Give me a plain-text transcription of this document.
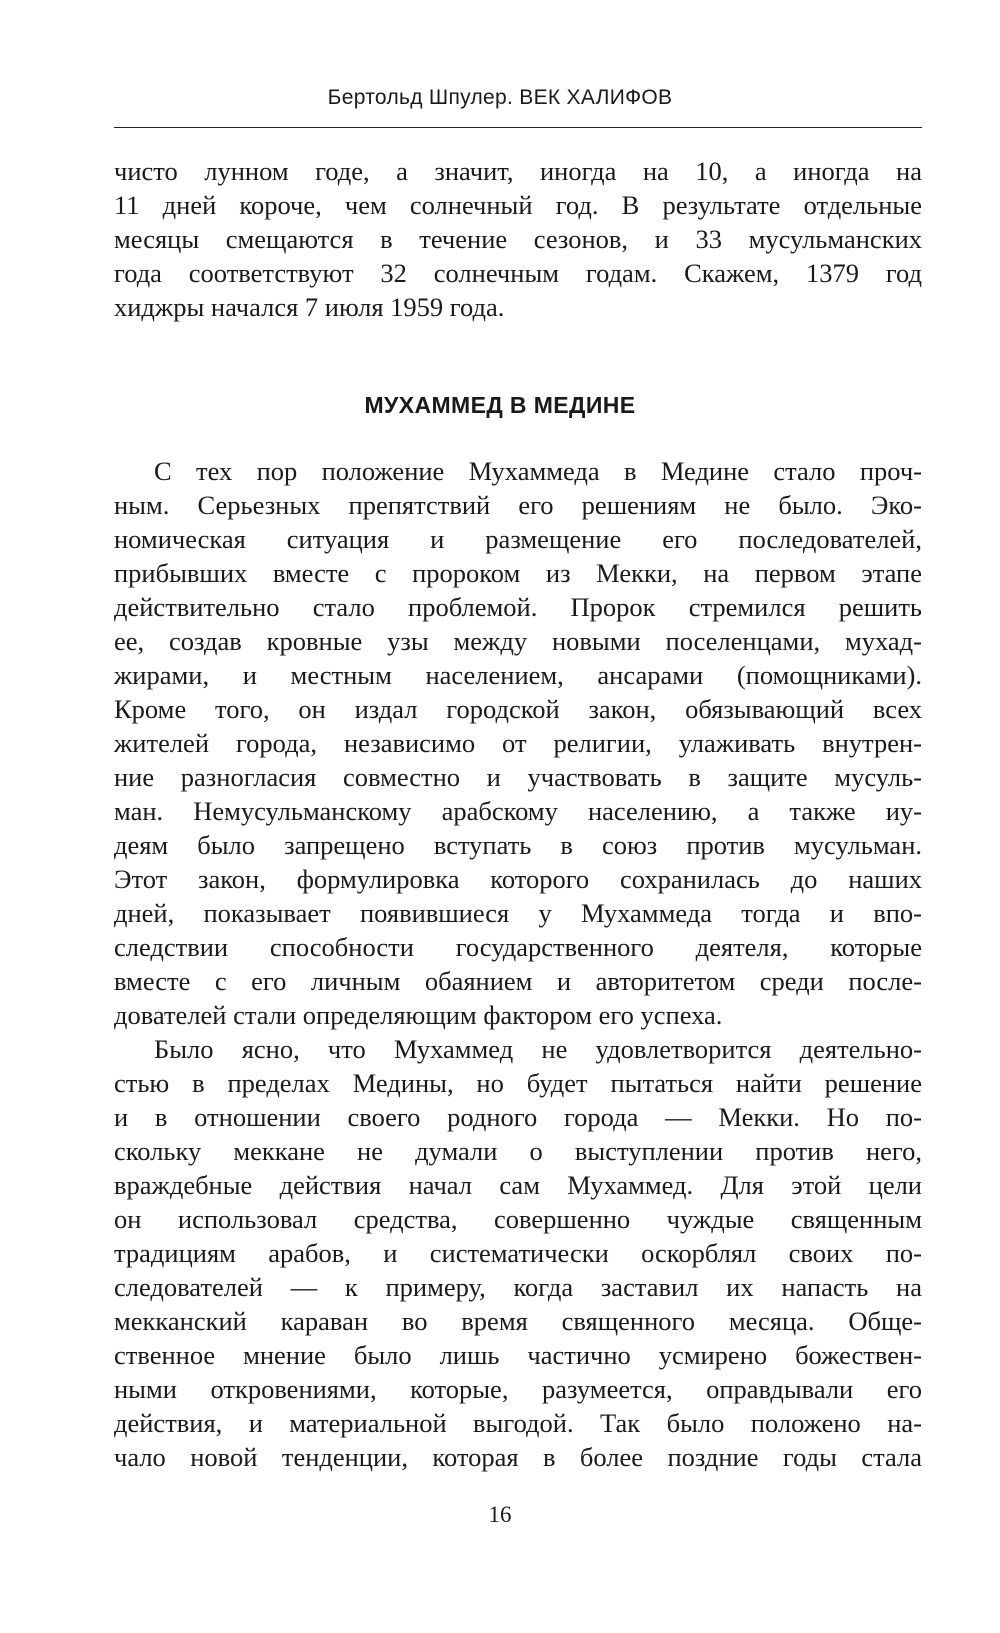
Бертольд Шпулер. ВЕК ХАЛИФОВ
чисто лунном годе, а значит, иногда на 10, а иногда на
11 дней короче, чем солнечный год. В результате отдельные
месяцы смещаются в течение сезонов, и 33 мусульманских
года соответствуют 32 солнечным годам. Скажем, 1379 год
хиджры начался 7 июля 1959 года.
МУХАММЕД В МЕДИНЕ

С тех пор положение Мухаммеда в Медине стало проч-
ным. Серьезных препятствий его решениям не было. Эко-
номическая ситуация и размещение его последователей,
прибывших вместе с пророком из Мекки, на первом этапе
действительно стало проблемой. Пророк стремился решить
ее, создав кровные узы между новыми поселенцами, мухад-
жирами, и местным населением, ансарами (помощниками).
Кроме того, он издал городской закон, обязывающий всех
жителей города, независимо от религии, улаживать внутрен-
ние разногласия совместно и участвовать в защите мусуль-
ман. Немусульманскому арабскому населению, а также иу-
деям было запрещено вступать в союз против мусульман.
Этот закон, формулировка которого сохранилась до наших
дней, показывает появившиеся у Мухаммеда тогда и впо-
следствии способности государственного деятеля, которые
вместе с его личным обаянием и авторитетом среди после-
дователей стали определяющим фактором его успеха.

Было ясно, что Мухаммед не удовлетворится деятельно-
стью в пределах Медины, но будет пытаться найти решение
и в отношении своего родного города — Мекки. Но по-
скольку меккане не думали о выступлении против него,
враждебные действия начал сам Мухаммед. Для этой цели
он использовал средства, совершенно чуждые священным
традициям арабов, и систематически оскорблял своих по-
следователей — к примеру, когда заставил их напасть на
мекканский караван во время священного месяца. Обще-
ственное мнение было лишь частично усмирено божествен-
ными откровениями, которые, разумеется, оправдывали его
действия, и материальной выгодой. Так было положено на-
чало новой тенденции, которая в более поздние годы стала

16
